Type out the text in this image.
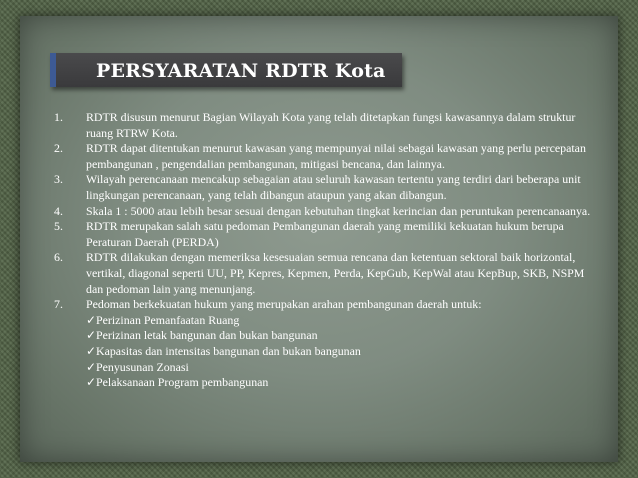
PERSYARATAN RDTR Kota
1. RDTR disusun menurut Bagian Wilayah Kota yang telah ditetapkan fungsi kawasannya dalam struktur ruang RTRW Kota.
2. RDTR dapat ditentukan menurut kawasan yang mempunyai nilai sebagai kawasan yang perlu percepatan pembangunan , pengendalian pembangunan, mitigasi bencana, dan lainnya.
3. Wilayah perencanaan mencakup sebagaian atau seluruh kawasan tertentu yang terdiri dari beberapa unit lingkungan perencanaan, yang telah dibangun ataupun yang akan dibangun.
4. Skala 1 : 5000 atau lebih besar sesuai dengan kebutuhan tingkat kerincian dan peruntukan perencanaanya.
5. RDTR merupakan salah satu pedoman Pembangunan daerah yang memiliki kekuatan hukum berupa Peraturan Daerah (PERDA)
6. RDTR dilakukan dengan memeriksa kesesuaian semua rencana dan ketentuan sektoral baik horizontal, vertikal, diagonal seperti UU, PP, Kepres, Kepmen, Perda, KepGub, KepWal atau KepBup, SKB, NSPM dan pedoman lain yang menunjang.
7. Pedoman berkekuatan hukum yang merupakan arahan pembangunan daerah untuk:
✓Perizinan Pemanfaatan Ruang
✓Perizinan letak bangunan dan bukan bangunan
✓Kapasitas dan intensitas bangunan dan bukan bangunan
✓Penyusunan Zonasi
✓Pelaksanaan Program pembangunan
